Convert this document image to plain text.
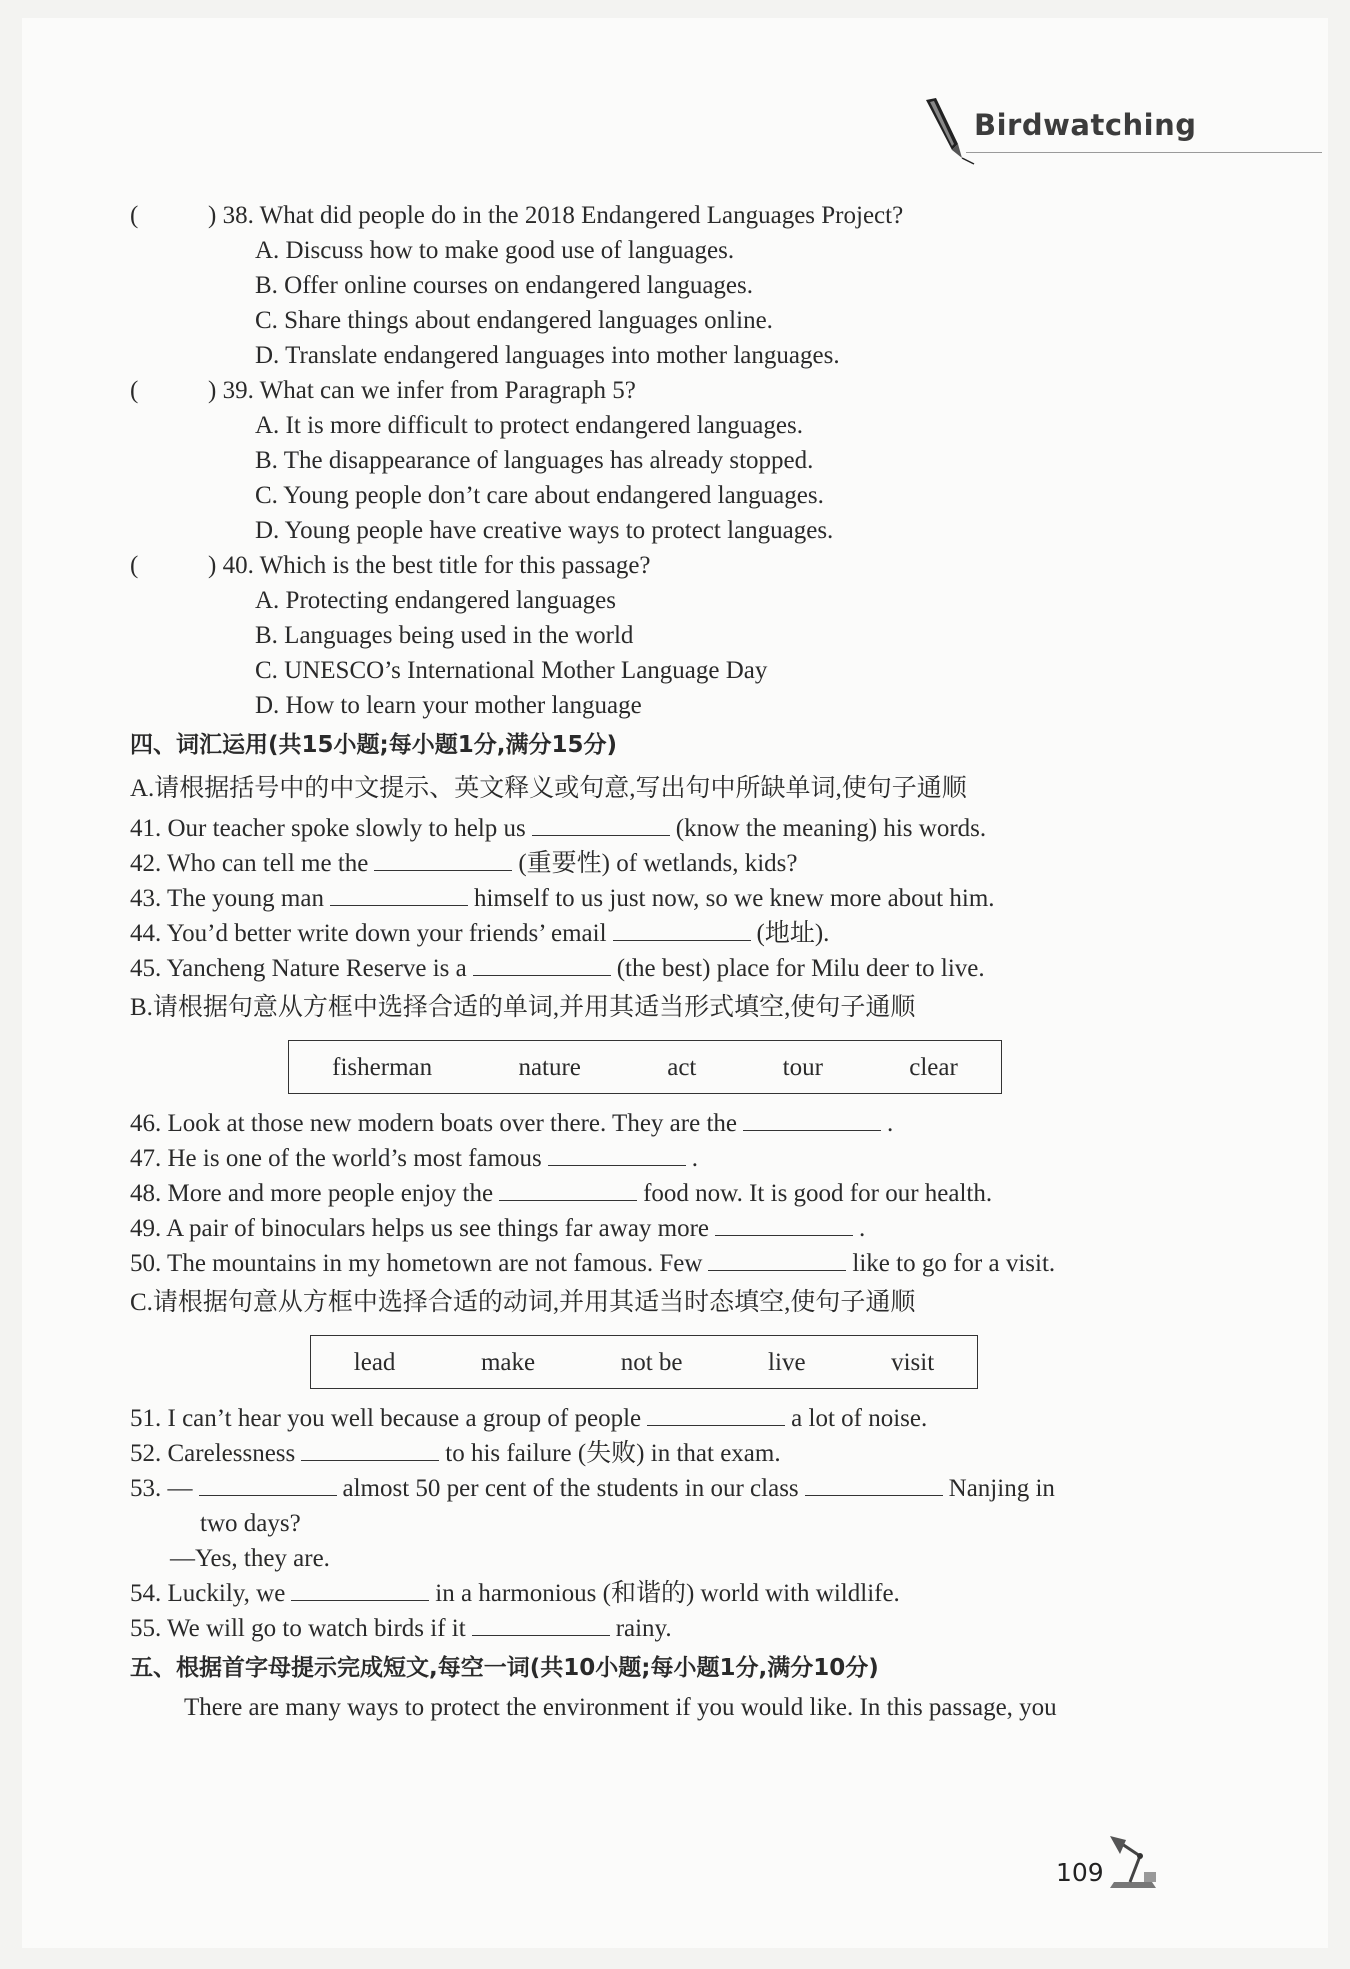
Birdwatching
(	) 38. What did people do in the 2018 Endangered Languages Project?
A. Discuss how to make good use of languages.
B. Offer online courses on endangered languages.
C. Share things about endangered languages online.
D. Translate endangered languages into mother languages.
(	) 39. What can we infer from Paragraph 5?
A. It is more difficult to protect endangered languages.
B. The disappearance of languages has already stopped.
C. Young people don’t care about endangered languages.
D. Young people have creative ways to protect languages.
(	) 40. Which is the best title for this passage?
A. Protecting endangered languages
B. Languages being used in the world
C. UNESCO’s International Mother Language Day
D. How to learn your mother language
四、词汇运用(共15小题;每小题1分,满分15分)
A.请根据括号中的中文提示、英文释义或句意,写出句中所缺单词,使句子通顺
41. Our teacher spoke slowly to help us	(know the meaning) his words.
42. Who can tell me the	(重要性) of wetlands, kids?
43. The young man	himself to us just now, so we knew more about him.
44. You’d better write down your friends’ email	(地址).
45. Yancheng Nature Reserve is a	(the best) place for Milu deer to live.
B.请根据句意从方框中选择合适的单词,并用其适当形式填空,使句子通顺
fisherman	nature	act	tour	clear
46. Look at those new modern boats over there. They are the	.
47. He is one of the world’s most famous	.
48. More and more people enjoy the	food now. It is good for our health.
49. A pair of binoculars helps us see things far away more	.
50. The mountains in my hometown are not famous. Few	like to go for a visit.
C.请根据句意从方框中选择合适的动词,并用其适当时态填空,使句子通顺
lead	make	not be	live	visit
51. I can’t hear you well because a group of people	a lot of noise.
52. Carelessness	to his failure (失败) in that exam.
53. —	almost 50 per cent of the students in our class	Nanjing in
two days?
—Yes, they are.
54. Luckily, we	in a harmonious (和谐的) world with wildlife.
55. We will go to watch birds if it	rainy.
五、根据首字母提示完成短文,每空一词(共10小题;每小题1分,满分10分)
There are many ways to protect the environment if you would like. In this passage, you
109
